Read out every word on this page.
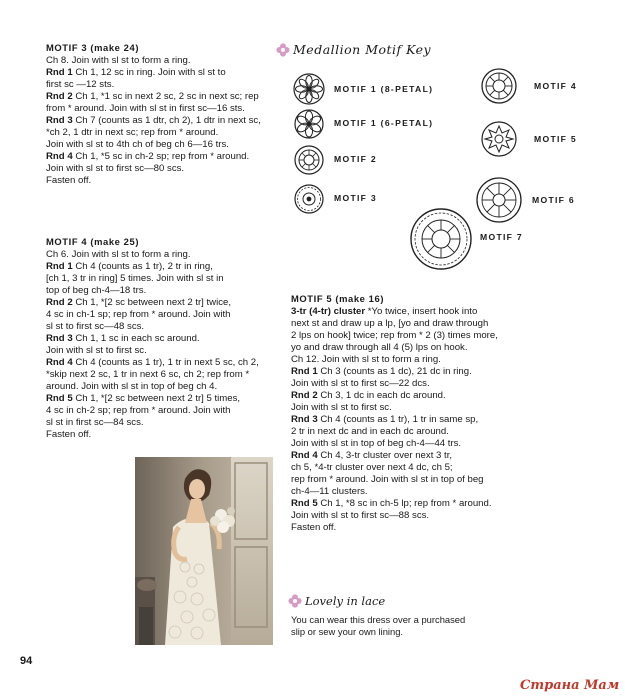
MOTIF 3 (make 24)
Ch 8. Join with sl st to form a ring.
Rnd 1 Ch 1, 12 sc in ring. Join with sl st to
first sc —12 sts.
Rnd 2 Ch 1, *1 sc in next 2 sc, 2 sc in next sc; rep
from * around. Join with sl st in first sc—16 sts.
Rnd 3 Ch 7 (counts as 1 dtr, ch 2), 1 dtr in next sc,
*ch 2, 1 dtr in next sc; rep from * around.
Join with sl st to 4th ch of beg ch 6—16 trs.
Rnd 4 Ch 1, *5 sc in ch-2 sp; rep from * around.
Join with sl st to first sc—80 scs.
Fasten off.
MOTIF 4 (make 25)
Ch 6. Join with sl st to form a ring.
Rnd 1 Ch 4 (counts as 1 tr), 2 tr in ring,
[ch 1, 3 tr in ring] 5 times. Join with sl st in
top of beg ch-4—18 trs.
Rnd 2 Ch 1, *[2 sc between next 2 tr] twice,
4 sc in ch-1 sp; rep from * around. Join with
sl st to first sc—48 scs.
Rnd 3 Ch 1, 1 sc in each sc around.
Join with sl st to first sc.
Rnd 4 Ch 4 (counts as 1 tr), 1 tr in next 5 sc, ch 2,
*skip next 2 sc, 1 tr in next 6 sc, ch 2; rep from *
around. Join with sl st in top of beg ch 4.
Rnd 5 Ch 1, *[2 sc between next 2 tr] 5 times,
4 sc in ch-2 sp; rep from * around. Join with
sl st in first sc—84 scs.
Fasten off.
Medallion Motif Key
MOTIF 1 (8-PETAL)
MOTIF 1 (6-PETAL)
MOTIF 2
MOTIF 3
MOTIF 4
MOTIF 5
MOTIF 6
MOTIF 7
MOTIF 5 (make 16)
3-tr (4-tr) cluster *Yo twice, insert hook into
next st and draw up a lp, [yo and draw through
2 lps on hook] twice; rep from * 2 (3) times more,
yo and draw through all 4 (5) lps on hook.
Ch 12. Join with sl st to form a ring.
Rnd 1 Ch 3 (counts as 1 dc), 21 dc in ring.
Join with sl st to first sc—22 dcs.
Rnd 2 Ch 3, 1 dc in each dc around.
Join with sl st to first sc.
Rnd 3 Ch 4 (counts as 1 tr), 1 tr in same sp,
2 tr in next dc and in each dc around.
Join with sl st in top of beg ch-4—44 trs.
Rnd 4 Ch 4, 3-tr cluster over next 3 tr,
ch 5, *4-tr cluster over next 4 dc, ch 5;
rep from * around. Join with sl st in top of beg
ch-4—11 clusters.
Rnd 5 Ch 1, *8 sc in ch-5 lp; rep from * around.
Join with sl st to first sc—88 scs.
Fasten off.
Lovely in lace
You can wear this dress over a purchased
slip or sew your own lining.
94
Страна Мам
